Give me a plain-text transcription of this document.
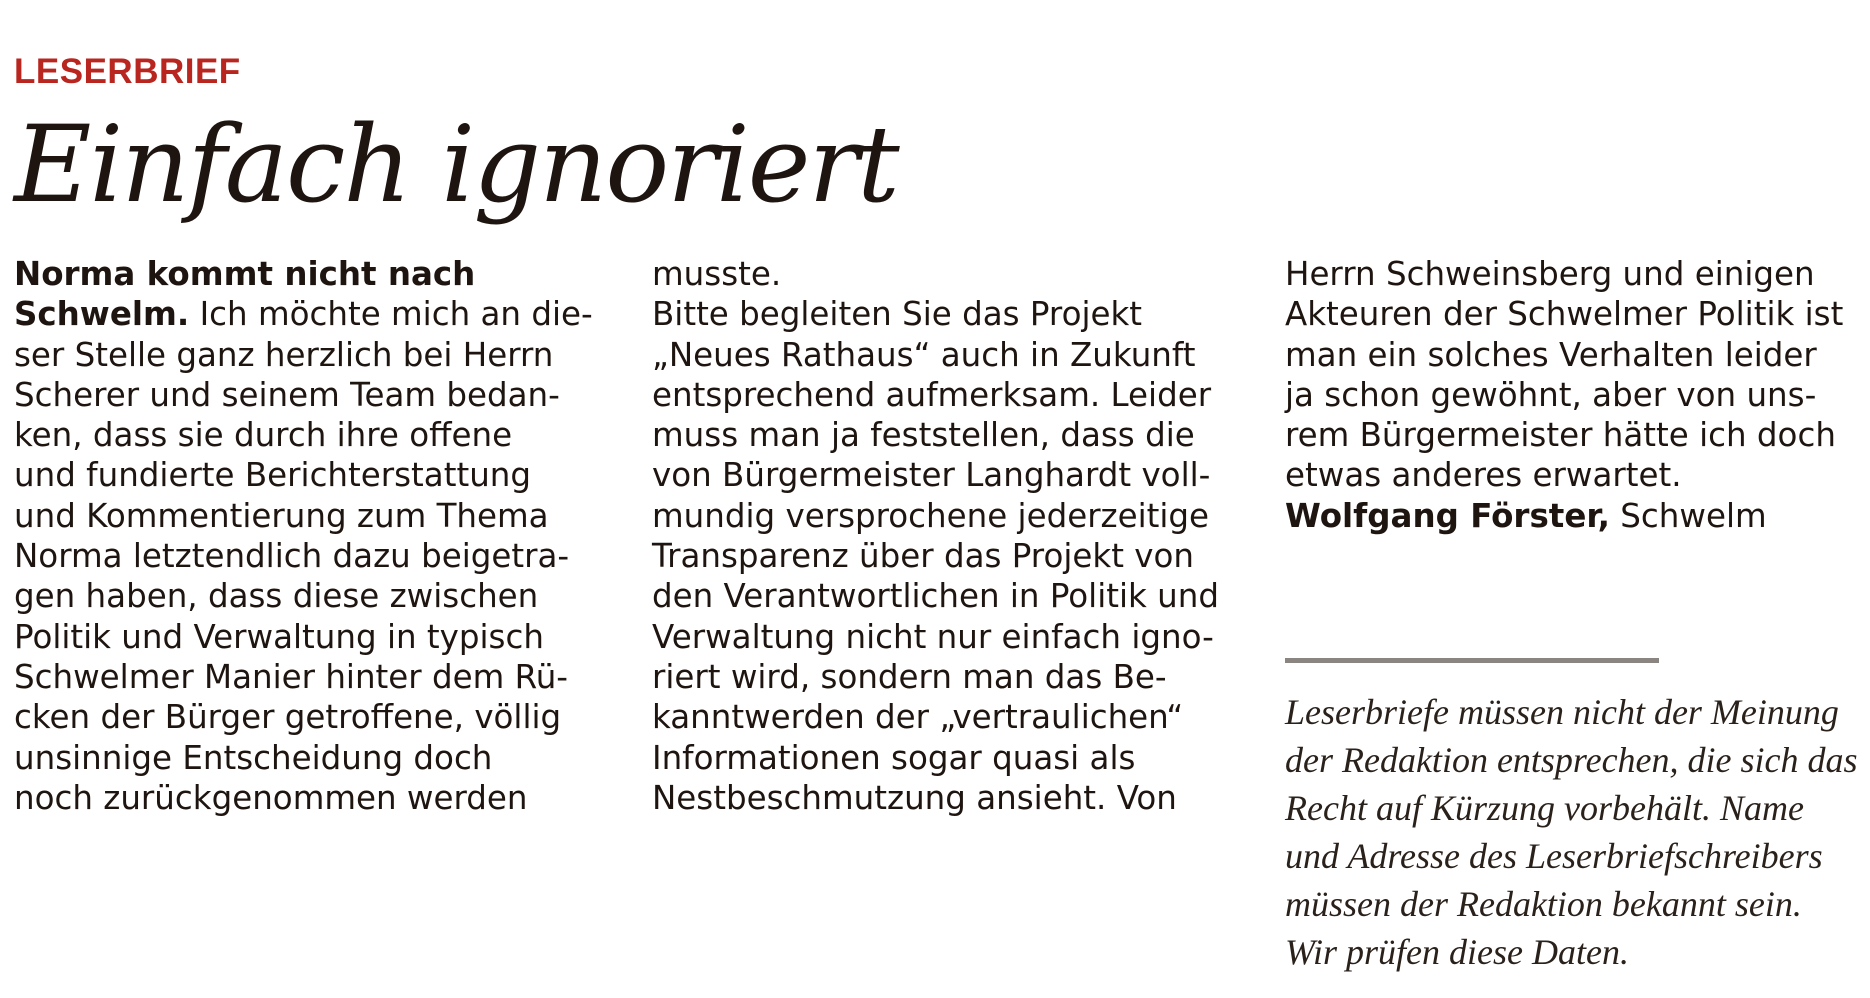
LESERBRIEF
Einfach ignoriert
Norma kommt nicht nach
Schwelm. Ich möchte mich an die-
ser Stelle ganz herzlich bei Herrn
Scherer und seinem Team bedan-
ken, dass sie durch ihre offene
und fundierte Berichterstattung
und Kommentierung zum Thema
Norma letztendlich dazu beigetra-
gen haben, dass diese zwischen
Politik und Verwaltung in typisch
Schwelmer Manier hinter dem Rü-
cken der Bürger getroffene, völlig
unsinnige Entscheidung doch
noch zurückgenommen werden
musste.
Bitte begleiten Sie das Projekt
„Neues Rathaus“ auch in Zukunft
entsprechend aufmerksam. Leider
muss man ja feststellen, dass die
von Bürgermeister Langhardt voll-
mundig versprochene jederzeitige
Transparenz über das Projekt von
den Verantwortlichen in Politik und
Verwaltung nicht nur einfach igno-
riert wird, sondern man das Be-
kanntwerden der „vertraulichen“
Informationen sogar quasi als
Nestbeschmutzung ansieht. Von
Herrn Schweinsberg und einigen
Akteuren der Schwelmer Politik ist
man ein solches Verhalten leider
ja schon gewöhnt, aber von uns-
rem Bürgermeister hätte ich doch
etwas anderes erwartet.
Wolfgang Förster, Schwelm
Leserbriefe müssen nicht der Meinung
der Redaktion entsprechen, die sich das
Recht auf Kürzung vorbehält. Name
und Adresse des Leserbriefschreibers
müssen der Redaktion bekannt sein.
Wir prüfen diese Daten.
